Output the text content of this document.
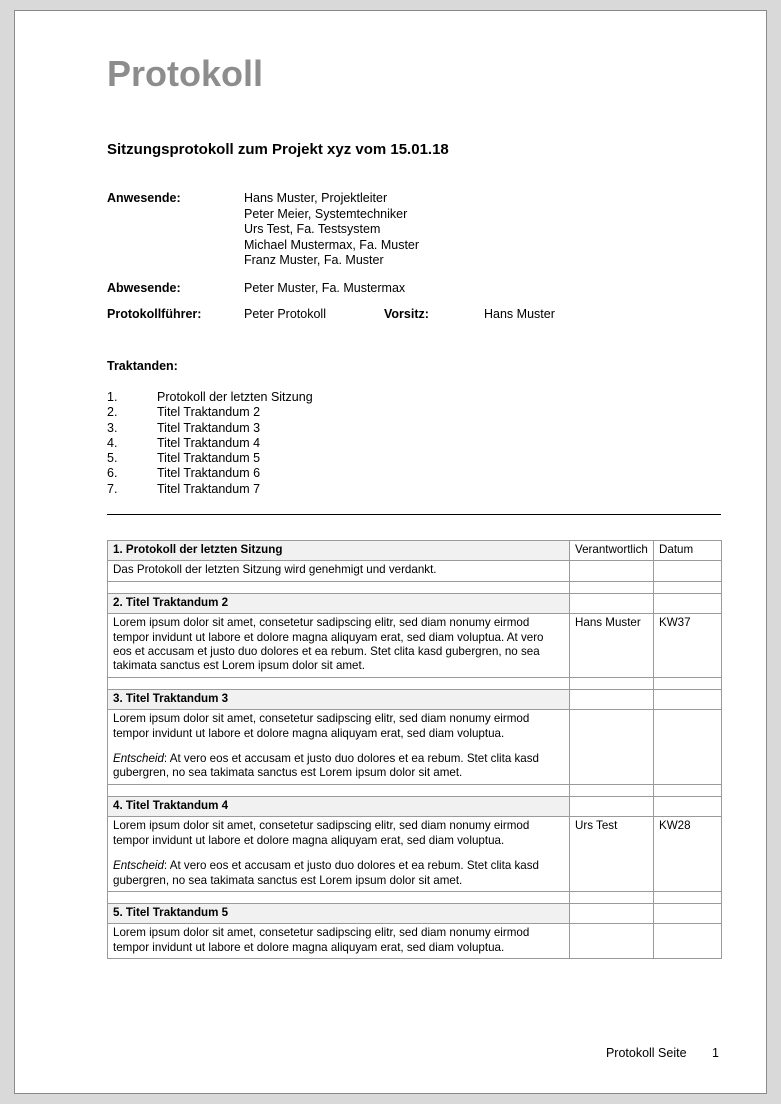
Protokoll
Sitzungsprotokoll zum Projekt xyz vom 15.01.18
Anwesende:	Hans Muster, Projektleiter
Peter Meier, Systemtechniker
Urs Test, Fa. Testsystem
Michael Mustermax, Fa. Muster
Franz Muster, Fa. Muster
Abwesende:	Peter Muster, Fa. Mustermax
Protokollführer:	Peter Protokoll	Vorsitz:	Hans Muster
Traktanden:
1.	Protokoll der letzten Sitzung
2.	Titel Traktandum 2
3.	Titel Traktandum 3
4.	Titel Traktandum 4
5.	Titel Traktandum 5
6.	Titel Traktandum 6
7.	Titel Traktandum 7
1. Protokoll der letzten Sitzung	Verantwortlich	Datum
Das Protokoll der letzten Sitzung wird genehmigt und verdankt.		

2. Titel Traktandum 2		

Lorem ipsum dolor sit amet, consetetur sadipscing elitr, sed diam nonumy eirmod tempor invidunt ut labore et dolore magna aliquyam erat, sed diam voluptua. At vero eos et accusam et justo duo dolores et ea rebum. Stet clita kasd gubergren, no sea takimata sanctus est Lorem ipsum dolor sit amet.	Hans Muster	KW37

3. Titel Traktandum 3		

Lorem ipsum dolor sit amet, consetetur sadipscing elitr, sed diam nonumy eirmod tempor invidunt ut labore et dolore magna aliquyam erat, sed diam voluptua.

Entscheid: At vero eos et accusam et justo duo dolores et ea rebum. Stet clita kasd gubergren, no sea takimata sanctus est Lorem ipsum dolor sit amet.		

4. Titel Traktandum 4		

Lorem ipsum dolor sit amet, consetetur sadipscing elitr, sed diam nonumy eirmod tempor invidunt ut labore et dolore magna aliquyam erat, sed diam voluptua.

Entscheid: At vero eos et accusam et justo duo dolores et ea rebum. Stet clita kasd gubergren, no sea takimata sanctus est Lorem ipsum dolor sit amet.	Urs Test	KW28

5. Titel Traktandum 5		

Lorem ipsum dolor sit amet, consetetur sadipscing elitr, sed diam nonumy eirmod tempor invidunt ut labore et dolore magna aliquyam erat, sed diam voluptua.		

Protokoll Seite 1
